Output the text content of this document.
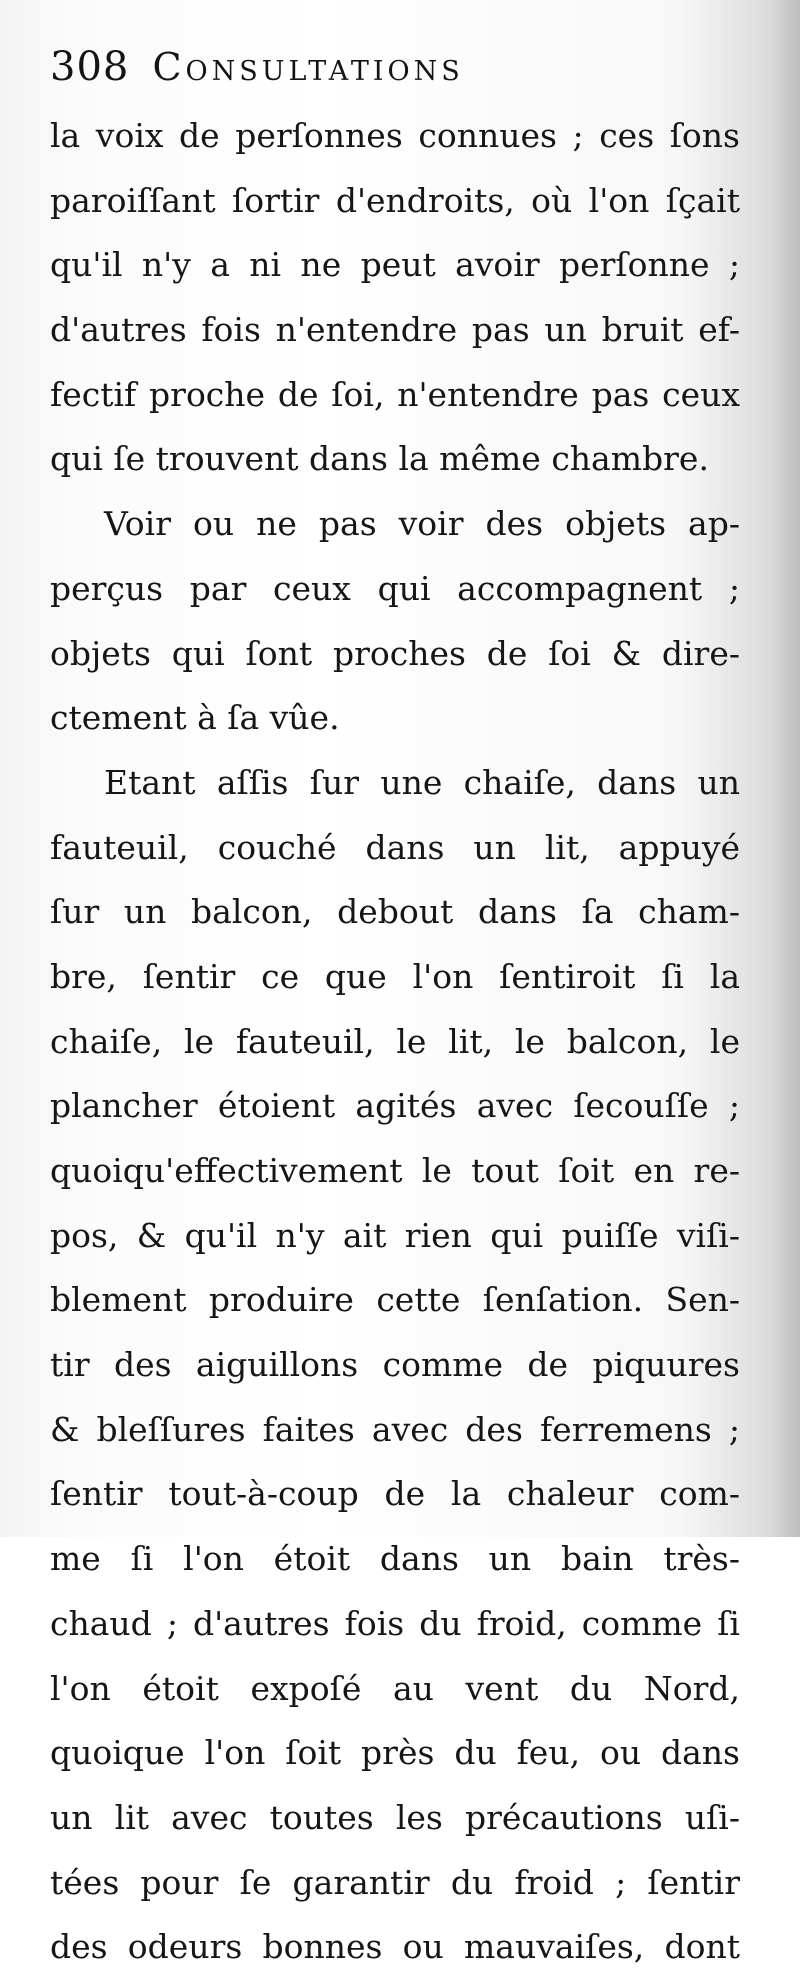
308 Consultations
la voix de perſonnes connues ; ces ſons
paroiſſant ſortir d'endroits, où l'on ſçait
qu'il n'y a ni ne peut avoir perſonne ;
d'autres fois n'entendre pas un bruit ef-
fectif proche de ſoi, n'entendre pas ceux
qui ſe trouvent dans la même chambre.
Voir ou ne pas voir des objets ap-
perçus par ceux qui accompagnent ;
objets qui ſont proches de ſoi & dire-
ctement à ſa vûe.
Etant aſſis ſur une chaiſe, dans un
fauteuil, couché dans un lit, appuyé
ſur un balcon, debout dans ſa cham-
bre, ſentir ce que l'on ſentiroit ſi la
chaiſe, le fauteuil, le lit, le balcon, le
plancher étoient agités avec ſecouſſe ;
quoiqu'effectivement le tout ſoit en re-
pos, & qu'il n'y ait rien qui puiſſe viſi-
blement produire cette ſenſation. Sen-
tir des aiguillons comme de piquures
& bleſſures faites avec des ferremens ;
ſentir tout-à-coup de la chaleur com-
me ſi l'on étoit dans un bain très-
chaud ; d'autres fois du froid, comme ſi
l'on étoit expoſé au vent du Nord,
quoique l'on ſoit près du feu, ou dans
un lit avec toutes les précautions uſi-
tées pour ſe garantir du froid ; ſentir
des odeurs bonnes ou mauvaiſes, dont
